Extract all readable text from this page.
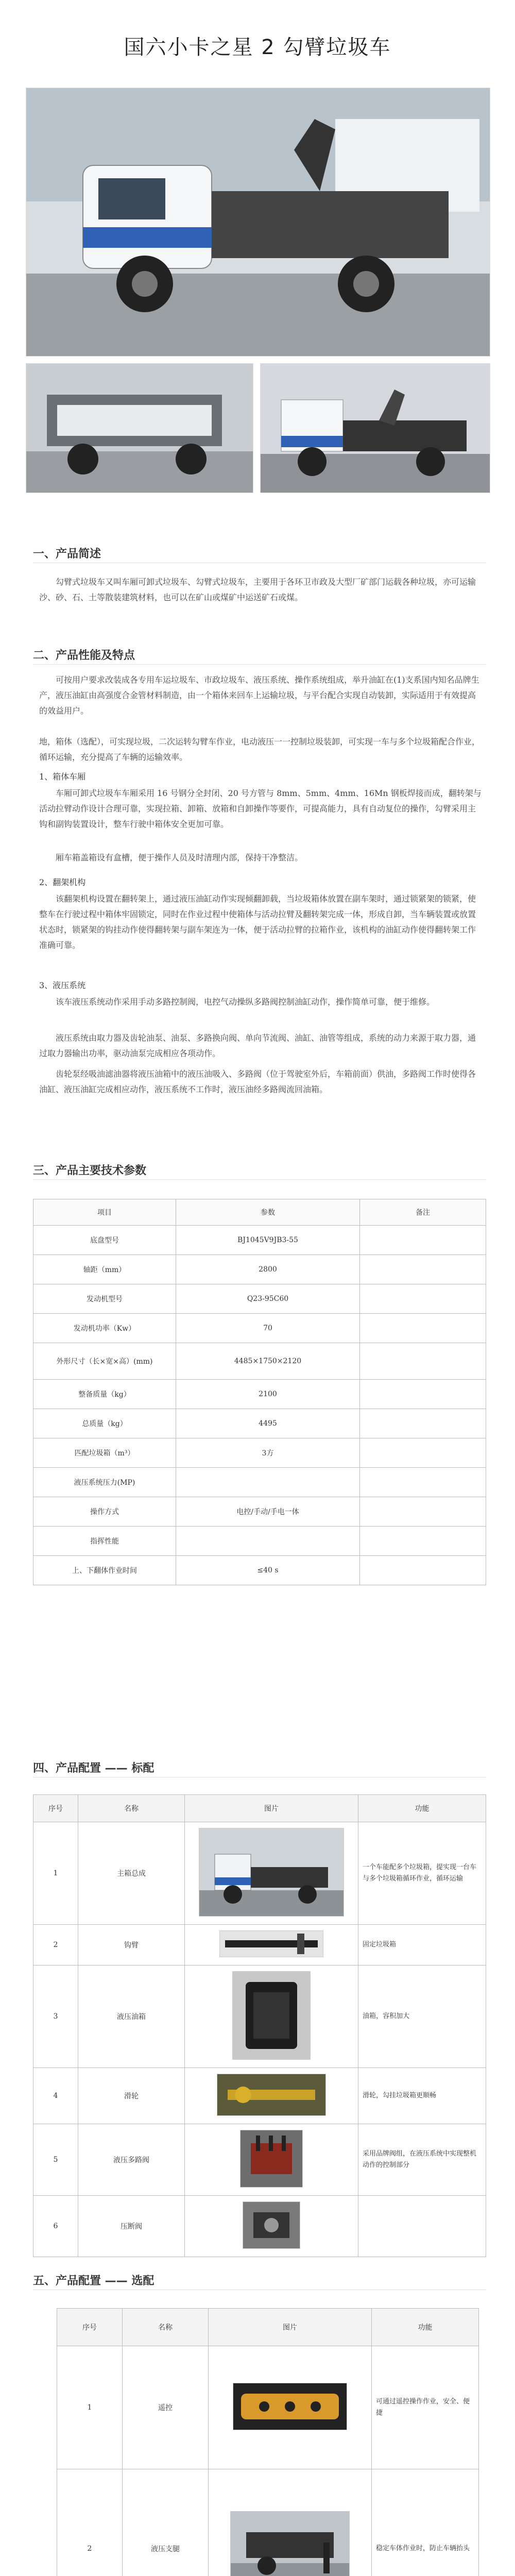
国六小卡之星 2 勾臂垃圾车
一、产品简述

勾臂式垃圾车又叫车厢可卸式垃圾车、勾臂式垃圾车，主要用于各环卫市政及大型厂矿部门运载各种垃圾，亦可运输沙、砂、石、土等散装建筑材料，也可以在矿山或煤矿中运送矿石或煤。

二、产品性能及特点

可按用户要求改装成各专用车运垃圾车、市政垃圾车、液压系统、操作系统组成，举升油缸在(1)支系国内知名品牌生产，液压油缸由高强度合金管材料制造，由一个箱体来回车上运输垃圾，与平台配合实现自动装卸，实际适用于有效提高的效益用户。

地，箱体（选配），可实现垃圾，二次运转勾臂车作业，电动液压一一控制垃圾装卸，可实现一车与多个垃圾箱配合作业，循环运输，充分提高了车辆的运输效率。

1、箱体车厢

车厢可卸式垃圾车车厢采用 16 号钢分全封闭、20 号方管与 8mm、5mm、4mm、16Mn 钢板焊接而成，翻转架与活动拉臂动作设计合理可靠，实现拉箱、卸箱、放箱和自卸操作等要作，可提高能力，具有自动复位的操作，勾臂采用主钩和副钩装置设计，整车行驶中箱体安全更加可靠。

厢车箱盖箱设有盒槽，便于操作人员及时清理内部，保持干净整洁。

2、翻架机构

该翻架机构设置在翻转架上，通过液压油缸动作实现倾翻卸载，当垃圾箱体放置在副车架时，通过锁紧架的锁紧，使整车在行驶过程中箱体牢固锁定，同时在作业过程中使箱体与活动拉臂及翻转架完成一体，形成自卸，当车辆装置或放置状态时，锁紧架的钩挂动作使得翻转架与副车架连为一体，便于活动拉臂的拉箱作业，该机构的油缸动作使得翻转架工作准确可靠。

3、液压系统

该车液压系统动作采用手动多路控制阀，电控气动操纵多路阀控制油缸动作，操作简单可靠，便于维修。

液压系统由取力器及齿轮油泵、油泵、多路换向阀、单向节流阀、油缸、油管等组成，系统的动力来源于取力器，通过取力器输出功率，驱动油泵完成相应各项动作。

齿轮泵经吸油滤油器将液压油箱中的液压油吸入、多路阀（位于驾驶室外后，车箱前面）供油，多路阀工作时使得各油缸、液压油缸完成相应动作，液压系统不工作时，液压油经多路阀流回油箱。

三、产品主要技术参数
项目	参数	备注
底盘型号	BJ1045V9JB3-55	
轴距（mm）	2800	
发动机型号	Q23-95C60	
发动机功率（Kw）	70	
外形尺寸（长×宽×高）(mm)	4485×1750×2120	
整备质量（kg）	2100	
总质量（kg）	4495	
匹配垃圾箱（m³）	3方	
液压系统压力(MP)		
操作方式	电控/手动/手电一体	
指挥性能		
上、下翻体作业时间	≤40 s	
四、产品配置 —— 标配
序号	名称	图片	功能
1	主箱总成		一个车能配多个垃圾箱，提实现一台车与多个垃圾箱循环作业，循环运输
2	钩臂		固定垃圾箱
3	液压油箱		油箱，容积加大
4	滑轮		滑轮，勾挂垃圾箱更顺畅
5	液压多路阀		采用品牌阀组，在液压系统中实现整机动作的控制部分
6	压断阀	

五、产品配置 —— 选配
序号	名称	图片	功能
1	遥控		可通过遥控操作作业，安全、便捷
2	液压支腿		稳定车体作业时，防止车辆抬头
